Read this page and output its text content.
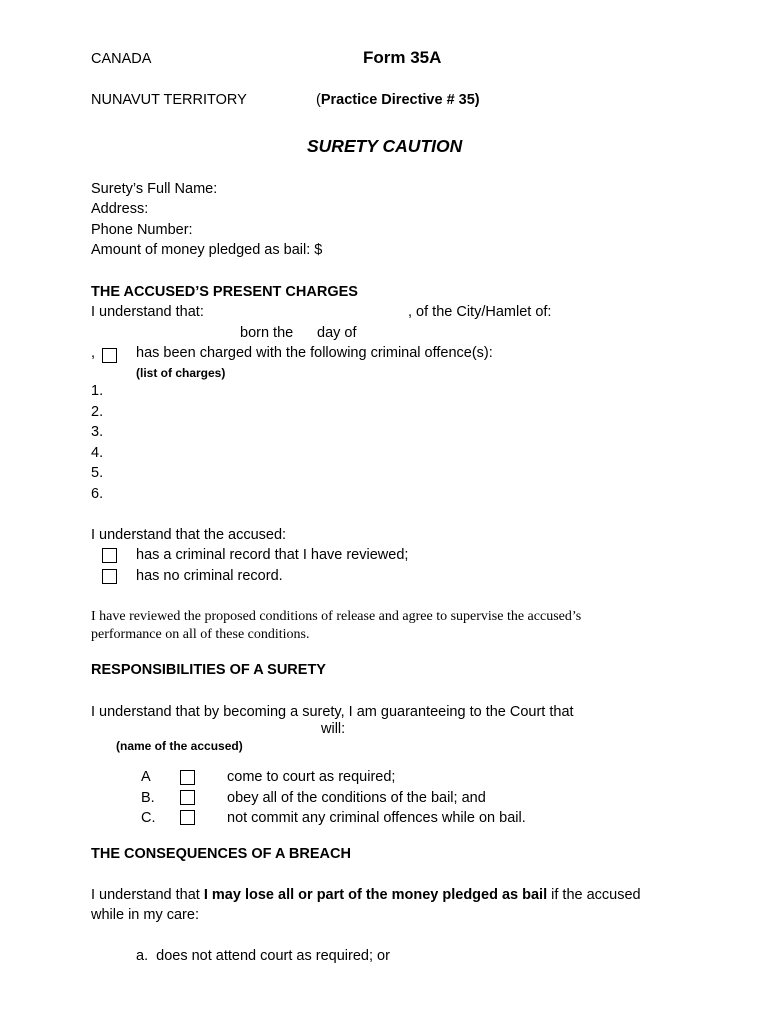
CANADA	Form 35A
NUNAVUT TERRITORY	(Practice Directive # 35)
SURETY CAUTION
Surety’s Full Name:
Address:
Phone Number:
Amount of money pledged as bail: $
THE ACCUSED’S PRESENT CHARGES
I understand that:	, of the City/Hamlet of:
born the day of
,	has been charged with the following criminal offence(s):
(list of charges)
1.
2.
3.
4.
5.
6.
I understand that the accused:
has a criminal record that I have reviewed;
has no criminal record.
I have reviewed the proposed conditions of release and agree to supervise the accused’s
performance on all of these conditions.
RESPONSIBILITIES OF A SURETY
I understand that by becoming a surety, I am guaranteeing to the Court that
will:
(name of the accused)
A	come to court as required;
B.	obey all of the conditions of the bail; and
C.	not commit any criminal offences while on bail.
THE CONSEQUENCES OF A BREACH
I understand that I may lose all or part of the money pledged as bail if the accused
while in my care:
a.  does not attend court as required; or
